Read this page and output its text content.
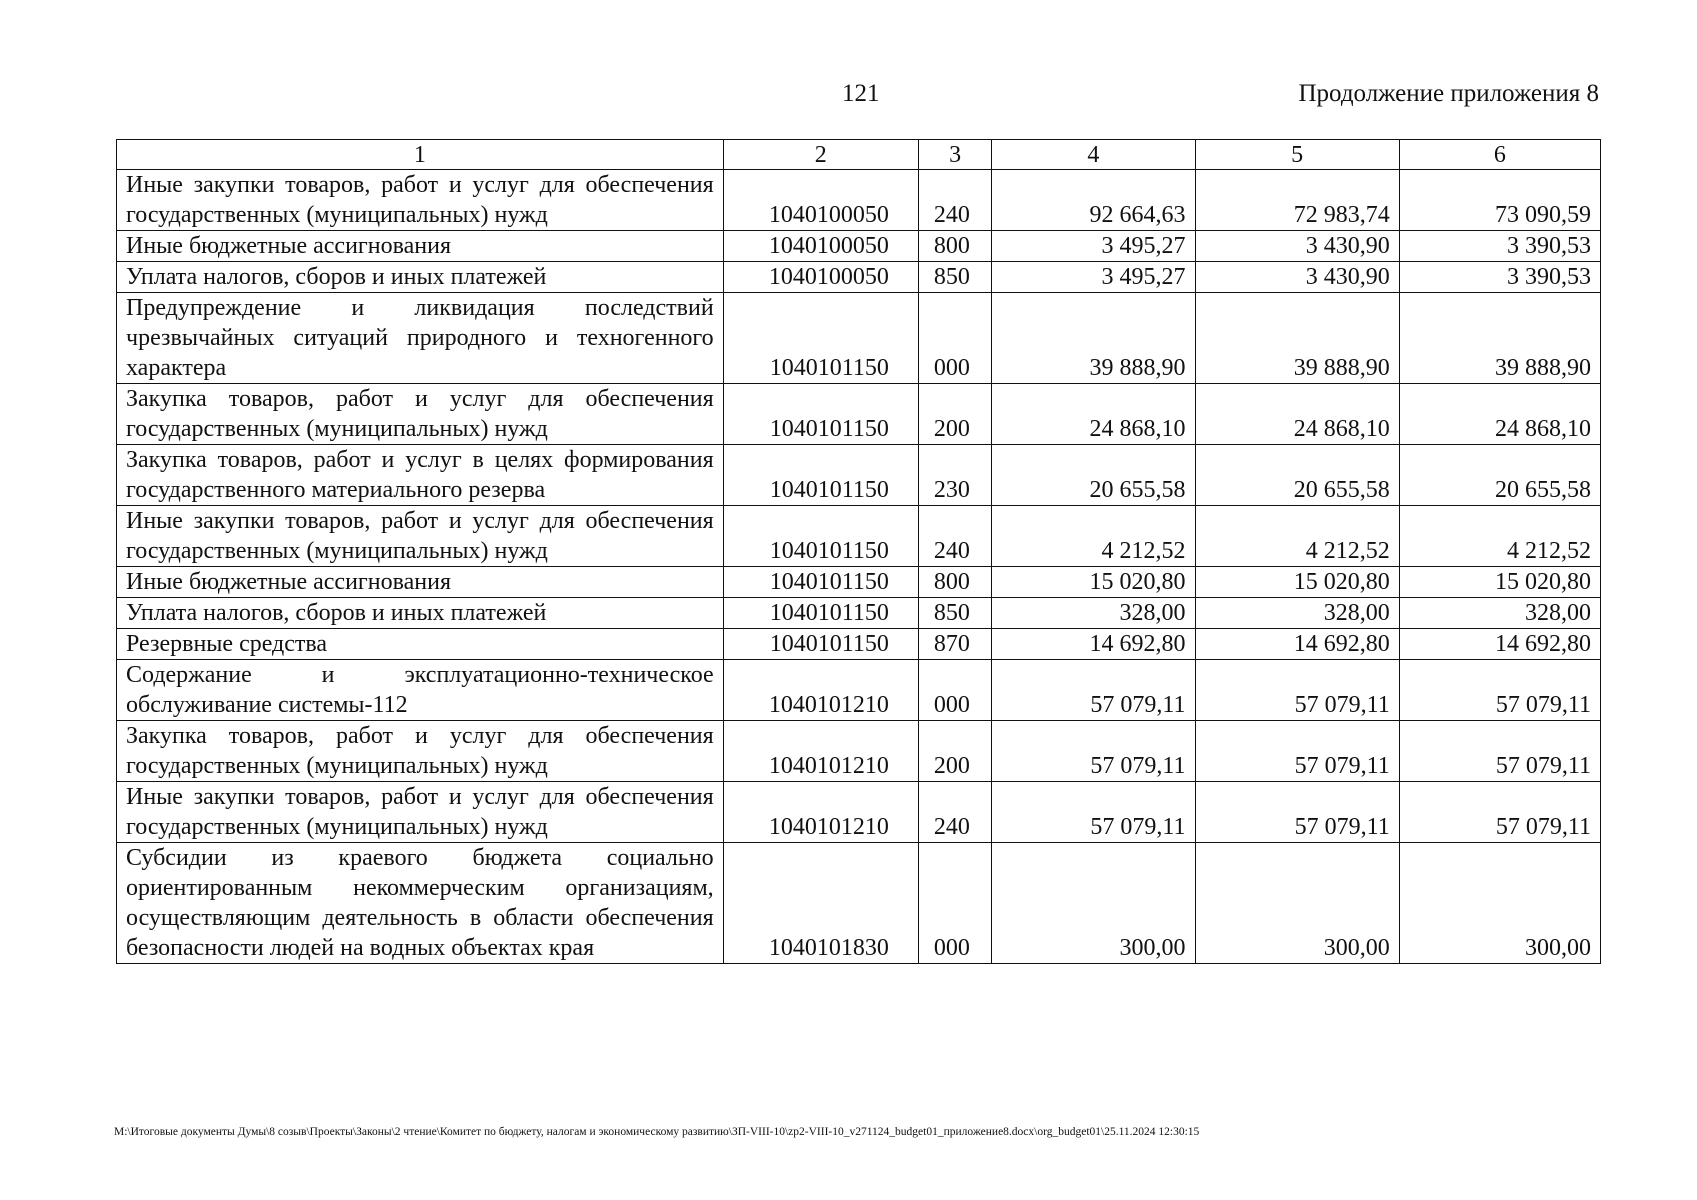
121	Продолжение приложения 8
1	2	3	4	5	6
Иные закупки товаров, работ и услуг для обеспечения государственных (муниципальных) нужд	1040100050	240	92 664,63	72 983,74	73 090,59
Иные бюджетные ассигнования	1040100050	800	3 495,27	3 430,90	3 390,53
Уплата налогов, сборов и иных платежей	1040100050	850	3 495,27	3 430,90	3 390,53
Предупреждение и ликвидация последствий чрезвычайных ситуаций природного и техногенного характера	1040101150	000	39 888,90	39 888,90	39 888,90
Закупка товаров, работ и услуг для обеспечения государственных (муниципальных) нужд	1040101150	200	24 868,10	24 868,10	24 868,10
Закупка товаров, работ и услуг в целях формирования государственного материального резерва	1040101150	230	20 655,58	20 655,58	20 655,58
Иные закупки товаров, работ и услуг для обеспечения государственных (муниципальных) нужд	1040101150	240	4 212,52	4 212,52	4 212,52
Иные бюджетные ассигнования	1040101150	800	15 020,80	15 020,80	15 020,80
Уплата налогов, сборов и иных платежей	1040101150	850	328,00	328,00	328,00
Резервные средства	1040101150	870	14 692,80	14 692,80	14 692,80
Содержание и эксплуатационно-техническое обслуживание системы-112	1040101210	000	57 079,11	57 079,11	57 079,11
Закупка товаров, работ и услуг для обеспечения государственных (муниципальных) нужд	1040101210	200	57 079,11	57 079,11	57 079,11
Иные закупки товаров, работ и услуг для обеспечения государственных (муниципальных) нужд	1040101210	240	57 079,11	57 079,11	57 079,11
Субсидии из краевого бюджета социально ориентированным некоммерческим организациям, осуществляющим деятельность в области обеспечения безопасности людей на водных объектах края	1040101830	000	300,00	300,00	300,00
М:\Итоговые документы Думы\8 созыв\Проекты\Законы\2 чтение\Комитет по бюджету, налогам и экономическому развитию\ЗП-VIII-10\zp2-VIII-10_v271124_budget01_приложение8.docx\org_budget01\25.11.2024 12:30:15
